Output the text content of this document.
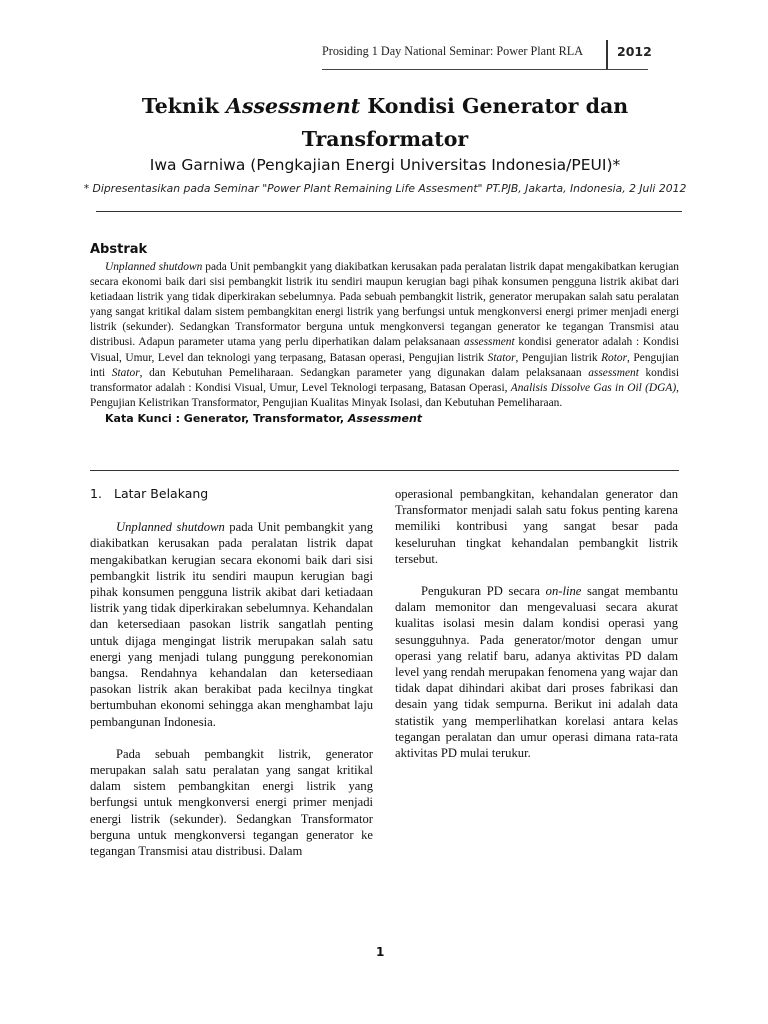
Prosiding 1 Day National Seminar: Power Plant RLA	2012
Teknik Assessment Kondisi Generator dan
Transformator
Iwa Garniwa (Pengkajian Energi Universitas Indonesia/PEUI)*
* Dipresentasikan pada Seminar "Power Plant Remaining Life Assesment" PT.PJB, Jakarta, Indonesia, 2 Juli 2012
Abstrak

Unplanned shutdown pada Unit pembangkit yang diakibatkan kerusakan pada peralatan listrik dapat mengakibatkan kerugian secara ekonomi baik dari sisi pembangkit listrik itu sendiri maupun kerugian bagi pihak konsumen pengguna listrik akibat dari ketiadaan listrik yang tidak diperkirakan sebelumnya. Pada sebuah pembangkit listrik, generator merupakan salah satu peralatan yang sangat kritikal dalam sistem pembangkitan energi listrik yang berfungsi untuk mengkonversi energi primer menjadi energi listrik (sekunder). Sedangkan Transformator berguna untuk mengkonversi tegangan generator ke tegangan Transmisi atau distribusi. Adapun parameter utama yang perlu diperhatikan dalam pelaksanaan assessment kondisi generator adalah : Kondisi Visual, Umur, Level dan teknologi yang terpasang, Batasan operasi, Pengujian listrik Stator, Pengujian listrik Rotor, Pengujian inti Stator, dan Kebutuhan Pemeliharaan. Sedangkan parameter yang digunakan dalam pelaksanaan assessment kondisi transformator adalah : Kondisi Visual, Umur, Level Teknologi terpasang, Batasan Operasi, Analisis Dissolve Gas in Oil (DGA), Pengujian Kelistrikan Transformator, Pengujian Kualitas Minyak Isolasi, dan Kebutuhan Pemeliharaan.

Kata Kunci : Generator, Transformator, Assessment

1. Latar Belakang

Unplanned shutdown pada Unit pembangkit yang diakibatkan kerusakan pada peralatan listrik dapat mengakibatkan kerugian secara ekonomi baik dari sisi pembangkit listrik itu sendiri maupun kerugian bagi pihak konsumen pengguna listrik akibat dari ketiadaan listrik yang tidak diperkirakan sebelumnya. Kehandalan dan ketersediaan pasokan listrik sangatlah penting untuk dijaga mengingat listrik merupakan salah satu energi yang menjadi tulang punggung perekonomian bangsa. Rendahnya kehandalan dan ketersediaan pasokan listrik akan berakibat pada kecilnya tingkat bertumbuhan ekonomi sehingga akan menghambat laju pembangunan Indonesia.

Pada sebuah pembangkit listrik, generator merupakan salah satu peralatan yang sangat kritikal dalam sistem pembangkitan energi listrik yang berfungsi untuk mengkonversi energi primer menjadi energi listrik (sekunder). Sedangkan Transformator berguna untuk mengkonversi tegangan generator ke tegangan Transmisi atau distribusi. Dalam

operasional pembangkitan, kehandalan generator dan Transformator menjadi salah satu fokus penting karena memiliki kontribusi yang sangat besar pada keseluruhan tingkat kehandalan pembangkit listrik tersebut.

Pengukuran PD secara on-line sangat membantu dalam memonitor dan mengevaluasi secara akurat kualitas isolasi mesin dalam kondisi operasi yang sesungguhnya. Pada generator/motor dengan umur operasi yang relatif baru, adanya aktivitas PD dalam level yang rendah merupakan fenomena yang wajar dan tidak dapat dihindari akibat dari proses fabrikasi dan desain yang tidak sempurna. Berikut ini adalah data statistik yang memperlihatkan korelasi antara kelas tegangan peralatan dan umur operasi dimana rata-rata aktivitas PD mulai terukur.

1
